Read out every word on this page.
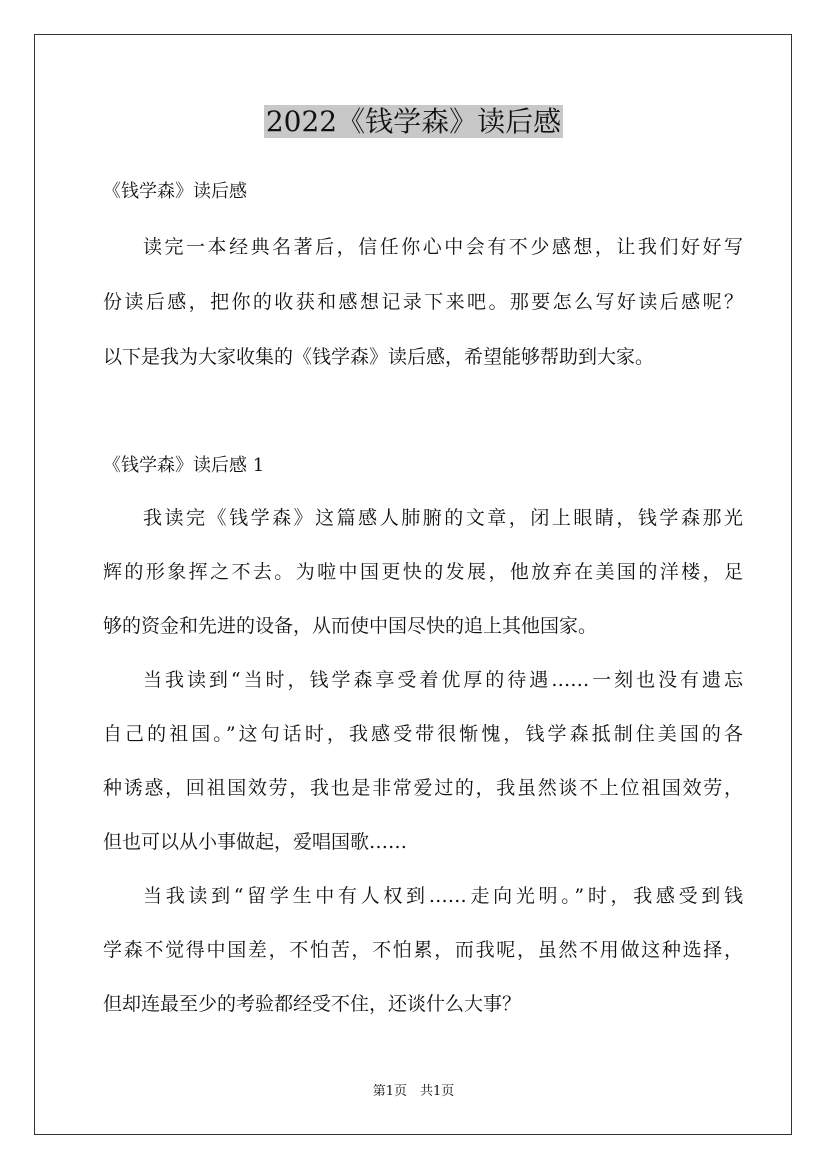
2022《钱学森》读后感

《钱学森》读后感

读完一本经典名著后，信任你心中会有不少感想，让我们好好写

份读后感，把你的收获和感想记录下来吧。那要怎么写好读后感呢？

以下是我为大家收集的《钱学森》读后感，希望能够帮助到大家。

《钱学森》读后感 1

我读完《钱学森》这篇感人肺腑的文章，闭上眼睛，钱学森那光

辉的形象挥之不去。为啦中国更快的发展，他放弃在美国的洋楼，足

够的资金和先进的设备，从而使中国尽快的追上其他国家。

当我读到“当时，钱学森享受着优厚的待遇……一刻也没有遗忘

自己的祖国。”这句话时，我感受带很惭愧，钱学森抵制住美国的各

种诱惑，回祖国效劳，我也是非常爱过的，我虽然谈不上位祖国效劳，

但也可以从小事做起，爱唱国歌……

当我读到“留学生中有人权到……走向光明。”时，我感受到钱

学森不觉得中国差，不怕苦，不怕累，而我呢，虽然不用做这种选择，

但却连最至少的考验都经受不住，还谈什么大事？

第1页　共1页
